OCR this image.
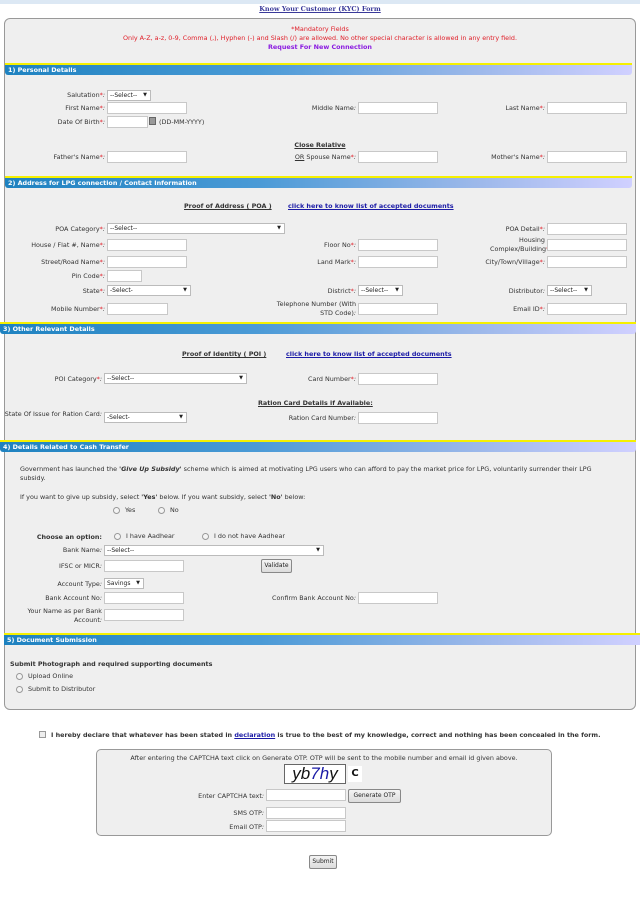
Know Your Customer (KYC) Form
*Mandatory Fields
Only A-Z, a-z, 0-9, Comma (,), Hyphen (-) and Slash (/) are allowed. No other special character is allowed in any entry field.
Request For New Connection
1) Personal Details
Salutation * :	--Select-- ▼
First Name * :	Middle Name :	Last Name* :
Date Of Birth * :	(DD-MM-YYYY)
Close Relative
Father's Name * :	OR Spouse Name * :	Mother's Name* :
2) Address for LPG connection / Contact Information
Proof of Address ( POA )	click here to know list of accepted documents
POA Category * :	--Select--	▼	POA Detail* :
House / Flat #, Name * :	Floor No* :
Housing Complex/Building* :
Street/Road Name * :	Land Mark * :	City/Town/Village* :
Pin Code* :
State * :	-Select-	▼	District * :	--Select-- ▼	Distributor :	--Select-- ▼
Mobile Number* :
Telephone Number (With STD Code) :	Email ID* :
3) Other Relevant Details
Proof of Identity ( POI )	click here to know list of accepted documents
POI Category * :	--Select--	▼	Card Number* :
Ration Card Details if Available:
State Of Issue for Ration Card :	-Select-	▼	Ration Card Number :
4) Details Related to Cash Transfer
Government has launched the 'Give Up Subsidy' scheme which is aimed at motivating LPG users who can afford to pay the market price for LPG, voluntarily surrender their LPG subsidy.
If you want to give up subsidy, select 'Yes' below. If you want subsidy, select 'No' below:
Yes	No
Choose an option:	I have Aadhear	I do not have Aadhear
Bank Name :	--Select--	▼
IFSC or MICR :	Validate
Account Type :	Savings ▼
Bank Account No :	Confirm Bank Account No :
Your Name as per Bank Account :
5) Document Submission
Submit Photograph and required supporting documents
Upload Online
Submit to Distributor
I hereby declare that whatever has been stated in declaration is true to the best of my knowledge, correct and nothing has been concealed in the form.
After entering the CAPTCHA text click on Generate OTP. OTP will be sent to the mobile number and email id given above.
yb7hy	C
Enter CAPTCHA text :	Generate OTP
SMS OTP :
Email OTP :
Submit
